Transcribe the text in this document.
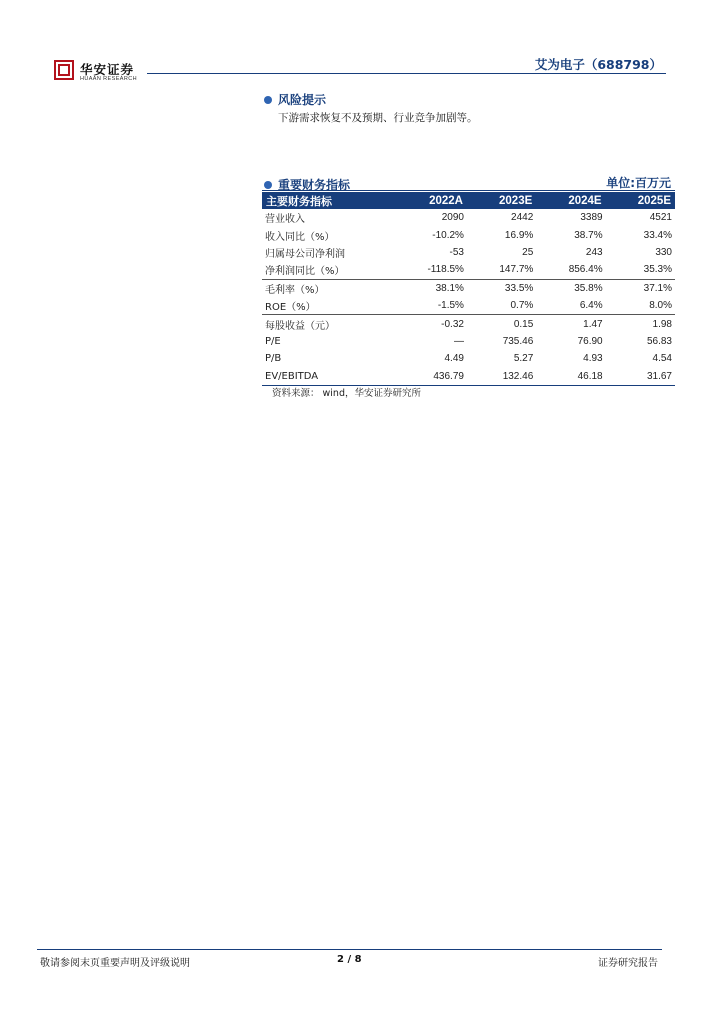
华安证券
HUAAN RESEARCH
艾为电子（688798）
风险提示
下游需求恢复不及预期、行业竞争加剧等。
重要财务指标	单位:百万元
主要财务指标	2022A	2023E	2024E	2025E
营业收入	2090	2442	3389	4521
收入同比（%）	-10.2%	16.9%	38.7%	33.4%
归属母公司净利润	-53	25	243	330
净利润同比（%）	-118.5%	147.7%	856.4%	35.3%
毛利率（%）	38.1%	33.5%	35.8%	37.1%
ROE（%）	-1.5%	0.7%	6.4%	8.0%
每股收益（元）	-0.32	0.15	1.47	1.98
P/E	—	735.46	76.90	56.83
P/B	4.49	5.27	4.93	4.54
EV/EBITDA	436.79	132.46	46.18	31.67
资料来源： wind，华安证券研究所
敬请参阅末页重要声明及评级说明	2 / 8	证券研究报告
